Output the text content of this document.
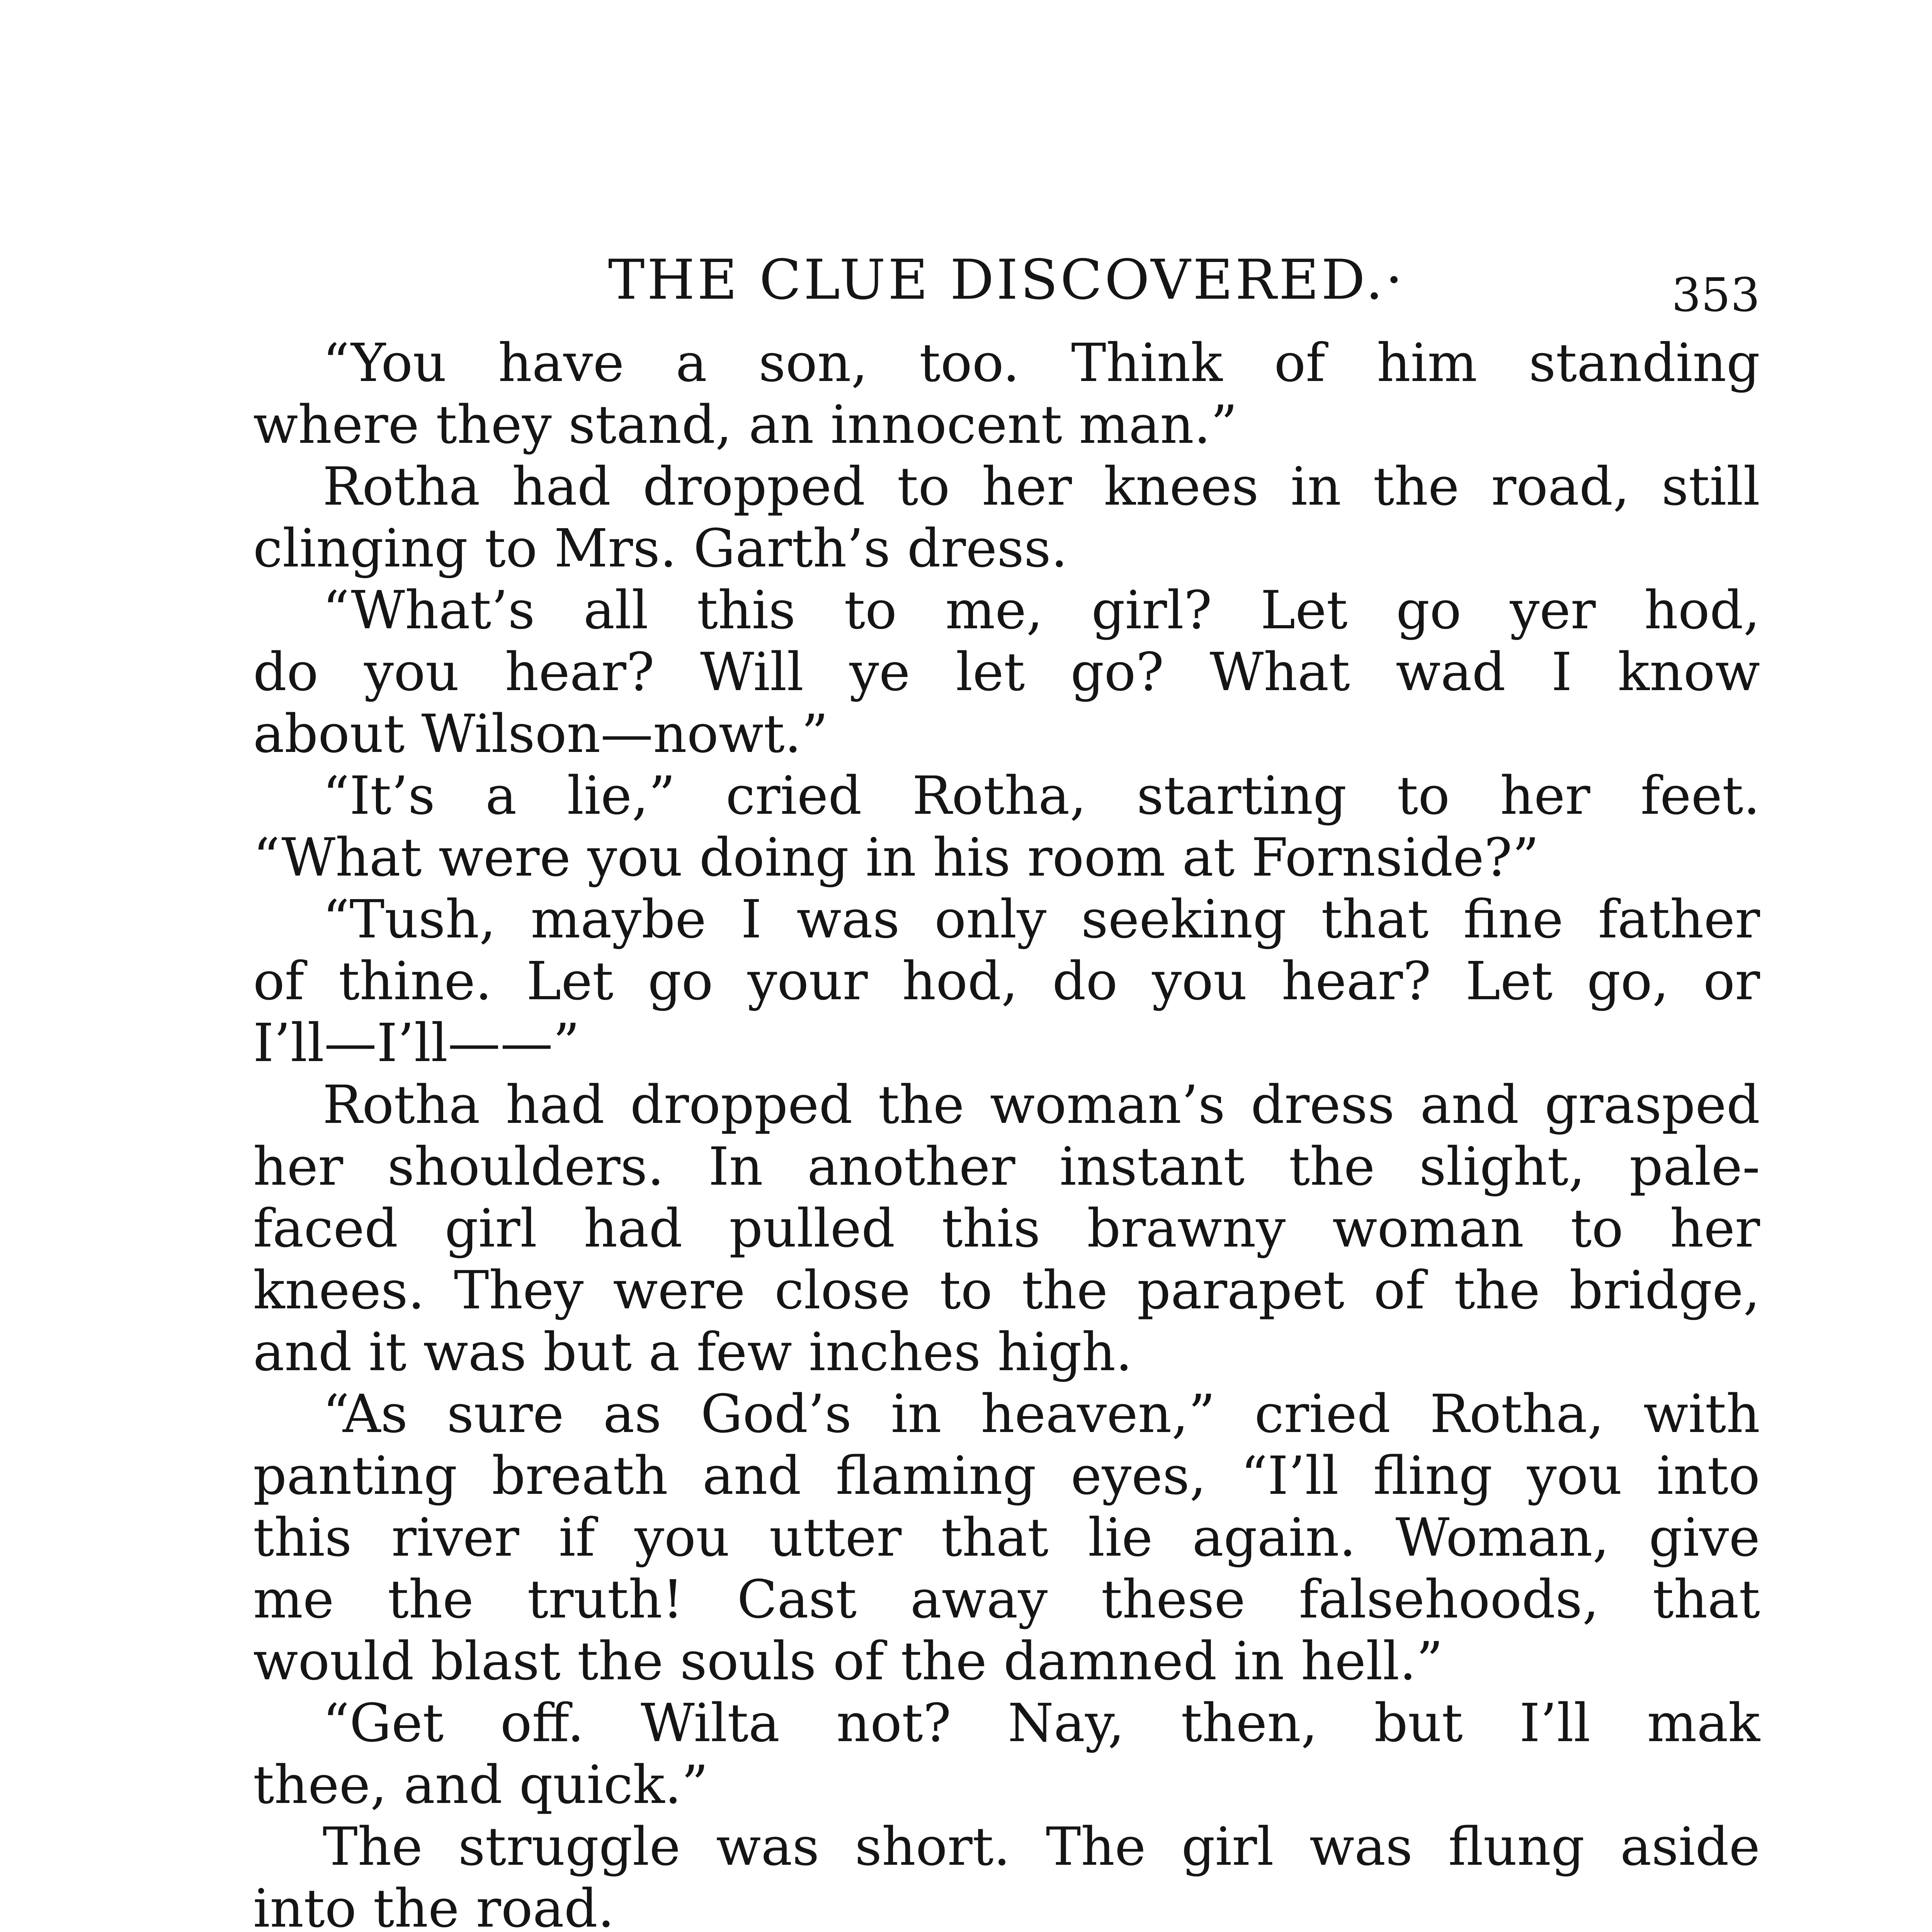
THE CLUE DISCOVERED.·	353
“You have a son, too. Think of him standing
where they stand, an innocent man.”
Rotha had dropped to her knees in the road, still
clinging to Mrs. Garth’s dress.
“What’s all this to me, girl? Let go yer hod,
do you hear? Will ye let go? What wad I know
about Wilson—nowt.”
“It’s a lie,” cried Rotha, starting to her feet.
“What were you doing in his room at Fornside?”
“Tush, maybe I was only seeking that fine father
of thine. Let go your hod, do you hear? Let go, or
I’ll—I’ll——”
Rotha had dropped the woman’s dress and grasped
her shoulders. In another instant the slight, pale-
faced girl had pulled this brawny woman to her
knees. They were close to the parapet of the bridge,
and it was but a few inches high.
“As sure as God’s in heaven,” cried Rotha, with
panting breath and flaming eyes, “I’ll fling you into
this river if you utter that lie again. Woman, give
me the truth! Cast away these falsehoods, that
would blast the souls of the damned in hell.”
“Get off. Wilta not? Nay, then, but I’ll mak
thee, and quick.”
The struggle was short. The girl was flung aside
into the road.
